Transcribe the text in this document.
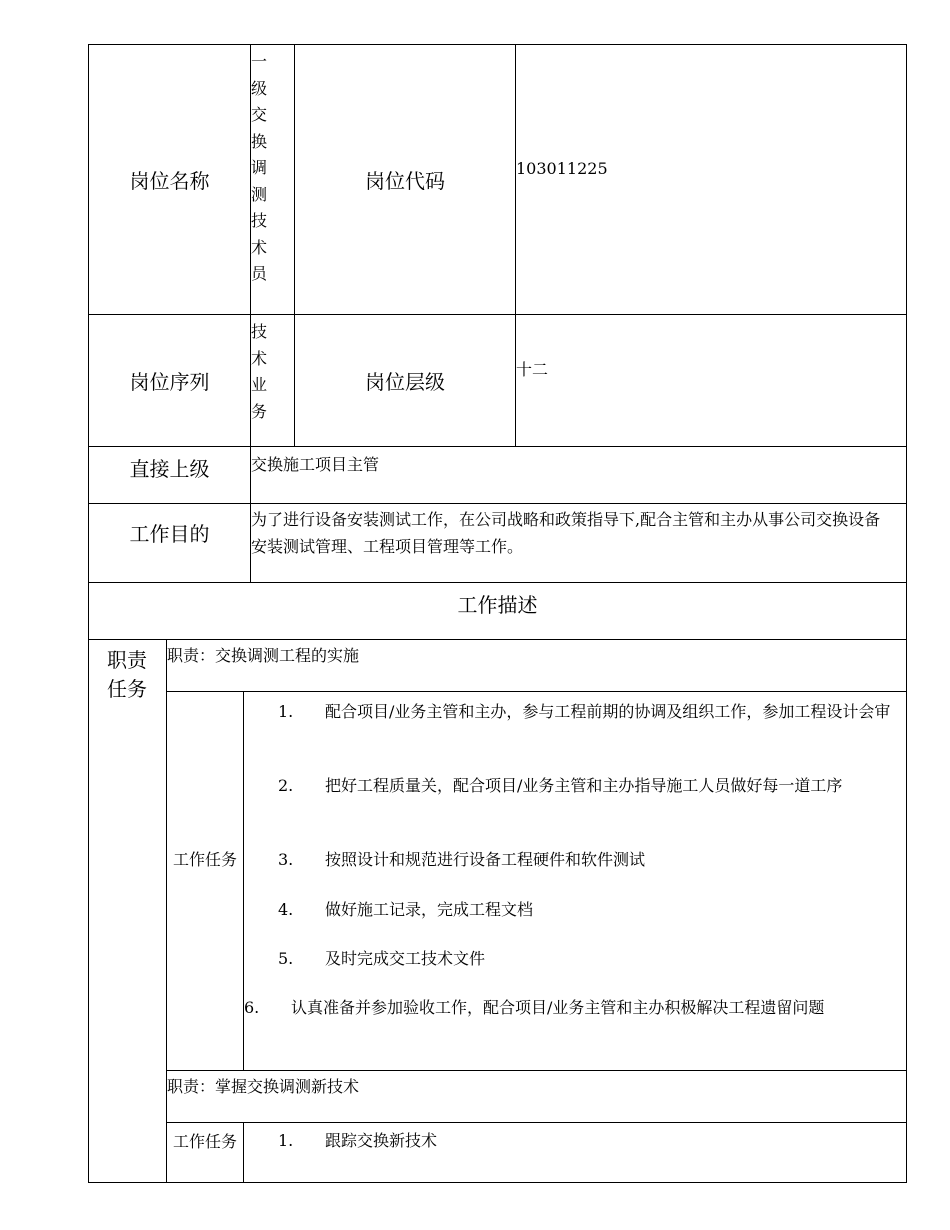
岗位名称
一级交换调测技术员
岗位代码
103011225
岗位序列
技术业务
岗位层级
十二
直接上级	交换施工项目主管
工作目的
为了进行设备安装测试工作，在公司战略和政策指导下,配合主管和主办从事公司交换设备安装测试管理、工程项目管理等工作。
工作描述
职责任务
职责：交换调测工程的实施
工作任务
1. 配合项目/业务主管和主办，参与工程前期的协调及组织工作，参加工程设计会审
2. 把好工程质量关，配合项目/业务主管和主办指导施工人员做好每一道工序
3. 按照设计和规范进行设备工程硬件和软件测试
4. 做好施工记录，完成工程文档
5. 及时完成交工技术文件
6. 认真准备并参加验收工作，配合项目/业务主管和主办积极解决工程遗留问题
职责：掌握交换调测新技术
工作任务	1. 跟踪交换新技术
